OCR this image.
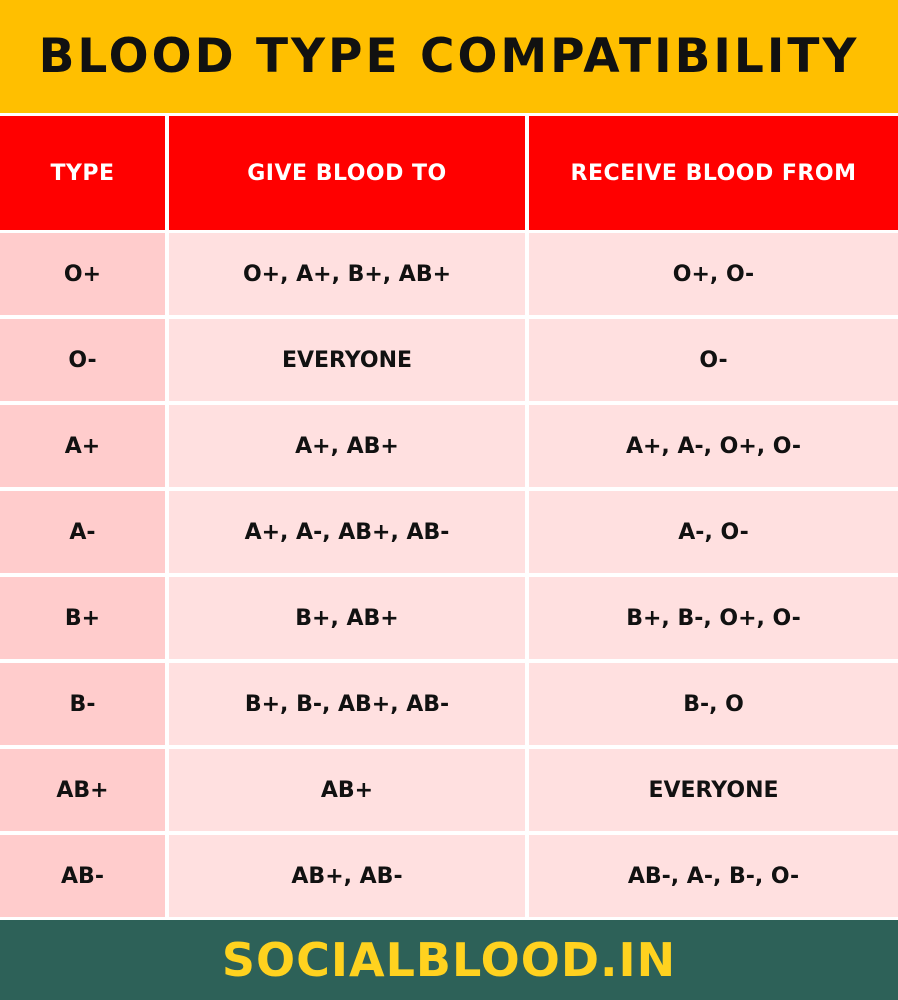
BLOOD TYPE COMPATIBILITY
TYPE	GIVE BLOOD TO	RECEIVE BLOOD FROM
O+	O+, A+, B+, AB+	O+, O-
O-	EVERYONE	O-
A+	A+, AB+	A+, A-, O+, O-
A-	A+, A-, AB+, AB-	A-, O-
B+	B+, AB+	B+, B-, O+, O-
B-	B+, B-, AB+, AB-	B-, O
AB+	AB+	EVERYONE
AB-	AB+, AB-	AB-, A-, B-, O-
SOCIALBLOOD.IN
